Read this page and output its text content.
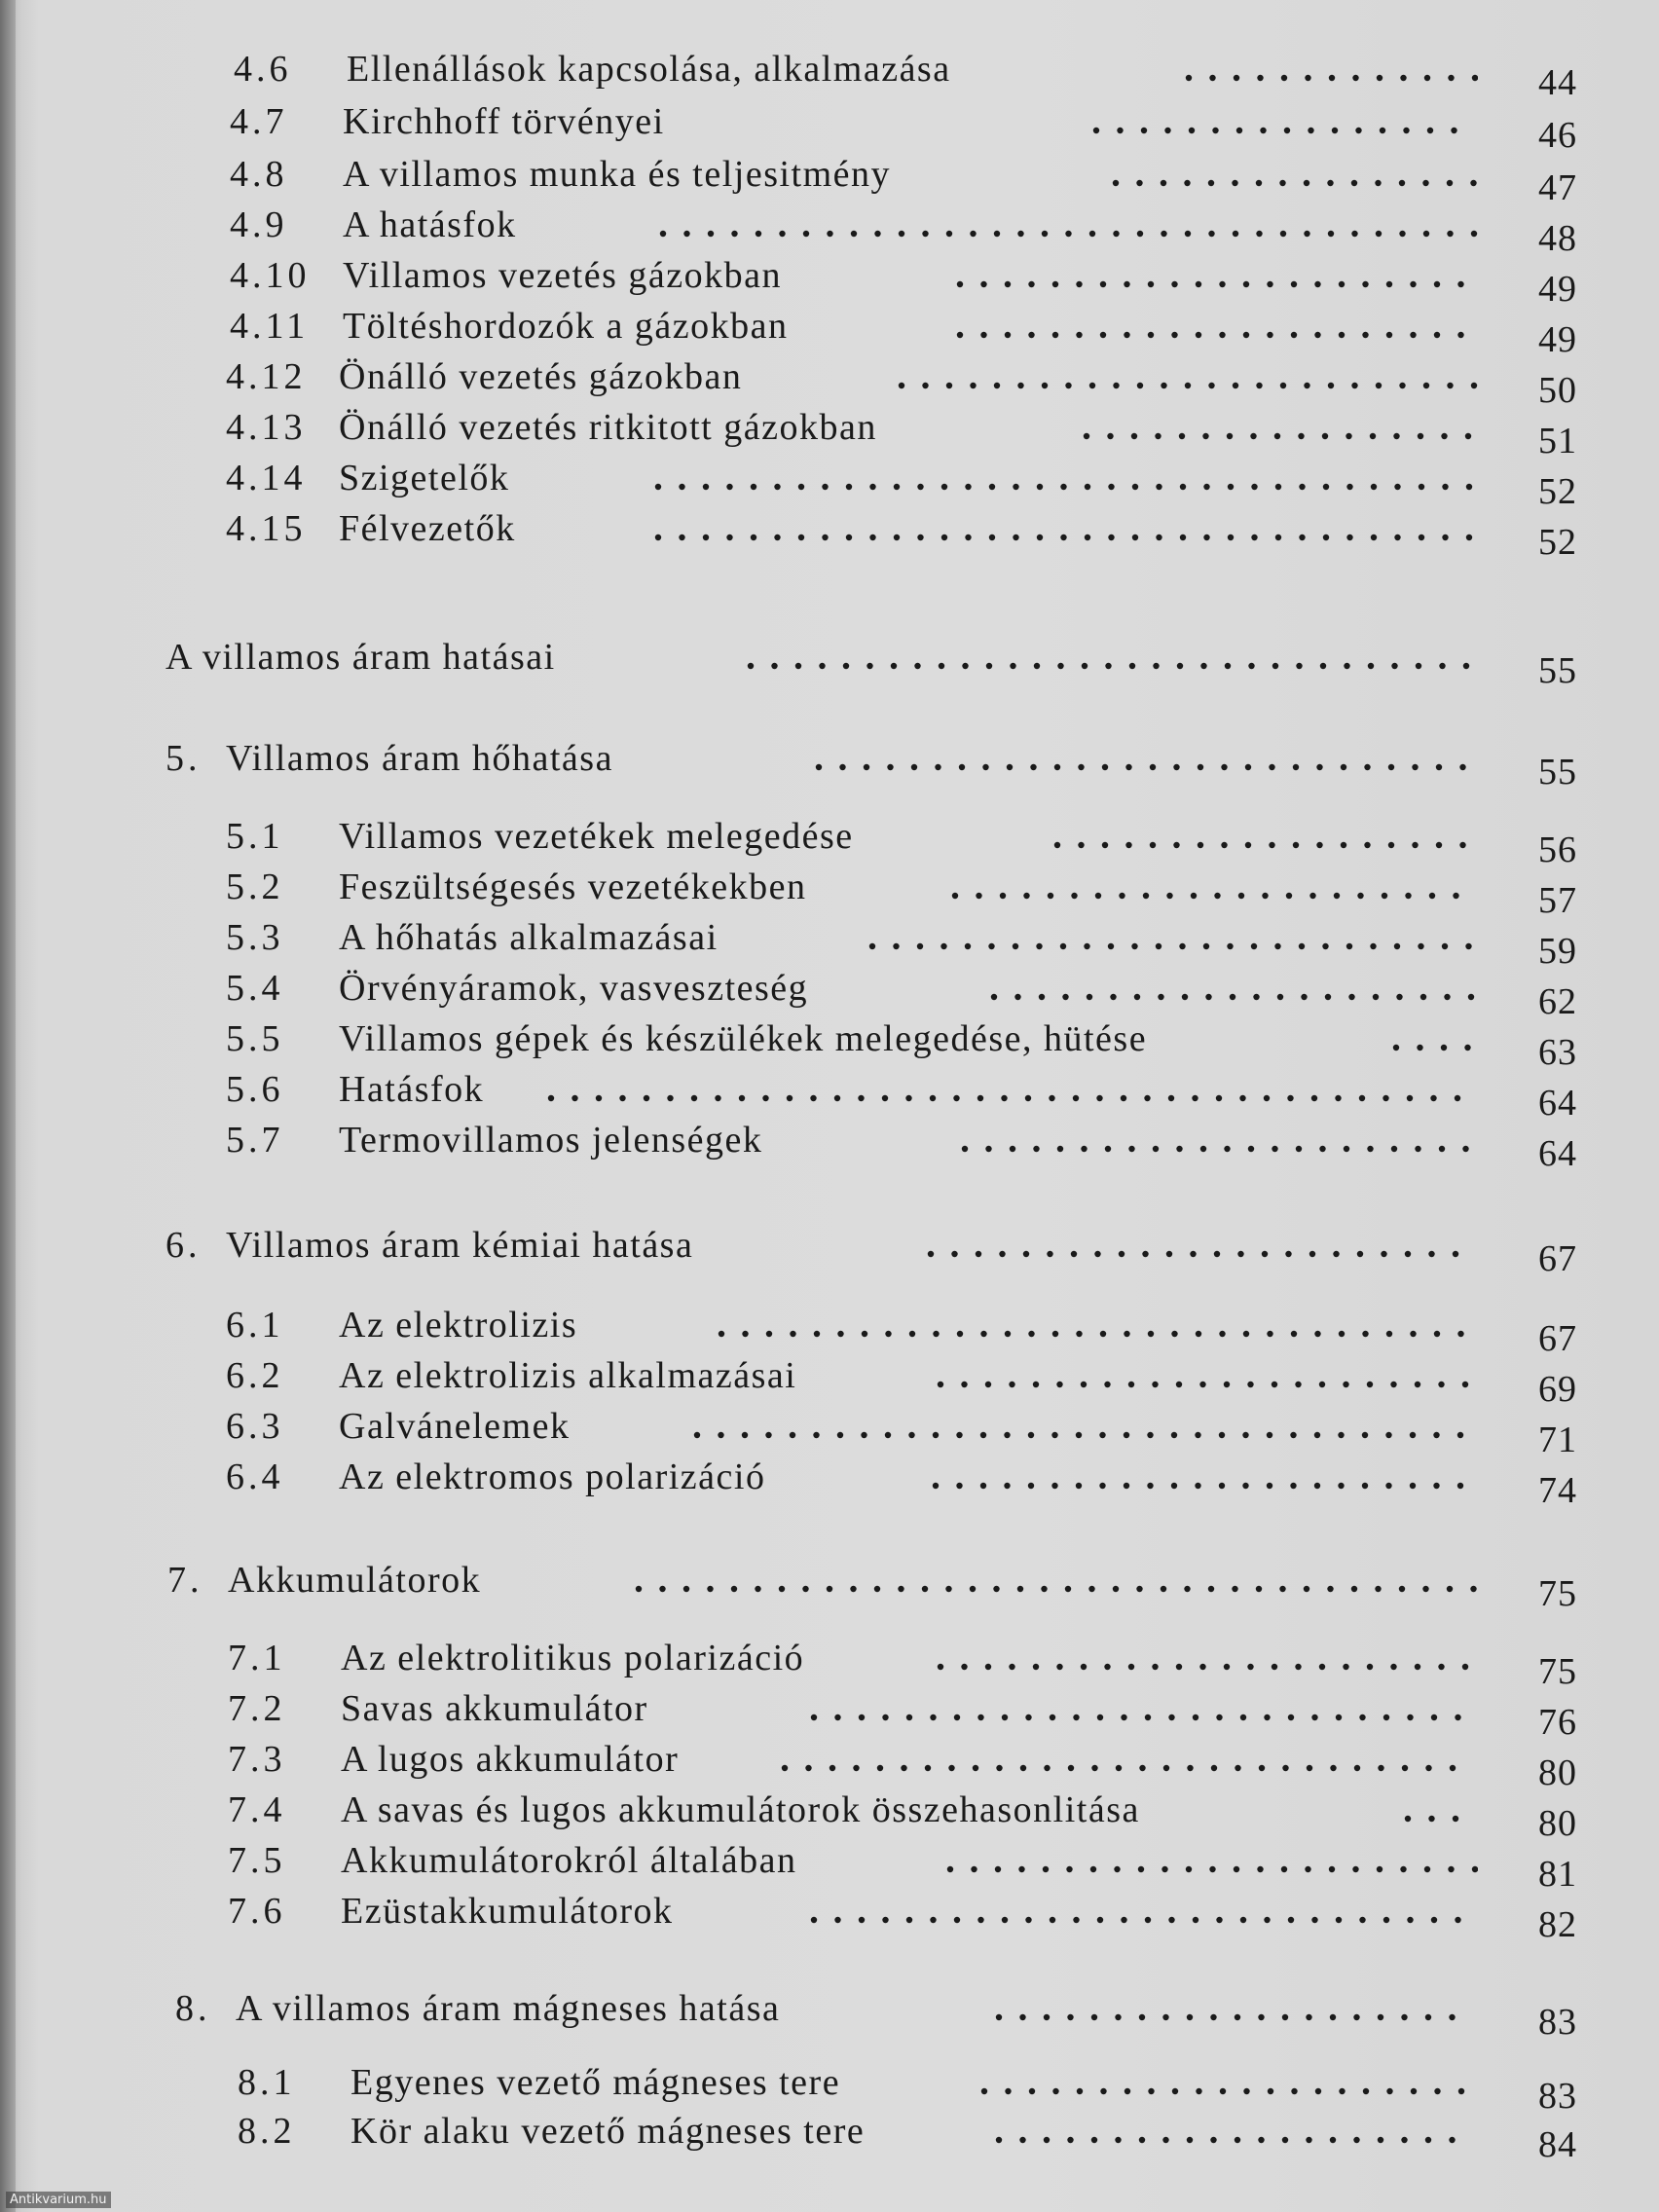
4.6 Ellenállások kapcsolása, alkalmazása	44
4.7 Kirchhoff törvényei	46
4.8 A villamos munka és teljesitmény	47
4.9 A hatásfok	48
4.10 Villamos vezetés gázokban	49
4.11 Töltéshordozók a gázokban	49
4.12 Önálló vezetés gázokban	50
4.13 Önálló vezetés ritkitott gázokban	51
4.14 Szigetelők	52
4.15 Félvezetők	52
A villamos áram hatásai	55
5. Villamos áram hőhatása	55
5.1 Villamos vezetékek melegedése	56
5.2 Feszültségesés vezetékekben	57
5.3 A hőhatás alkalmazásai	59
5.4 Örvényáramok, vasveszteség	62
5.5 Villamos gépek és készülékek melegedése, hütése	63
5.6 Hatásfok	64
5.7 Termovillamos jelenségek	64
6. Villamos áram kémiai hatása	67
6.1 Az elektrolizis	67
6.2 Az elektrolizis alkalmazásai	69
6.3 Galvánelemek	71
6.4 Az elektromos polarizáció	74
7. Akkumulátorok	75
7.1 Az elektrolitikus polarizáció	75
7.2 Savas akkumulátor	76
7.3 A lugos akkumulátor	80
7.4 A savas és lugos akkumulátorok összehasonlitása	80
7.5 Akkumulátorokról általában	81
7.6 Ezüstakkumulátorok	82
8. A villamos áram mágneses hatása	83
8.1 Egyenes vezető mágneses tere	83
8.2 Kör alaku vezető mágneses tere	84
Antikvarium.hu
